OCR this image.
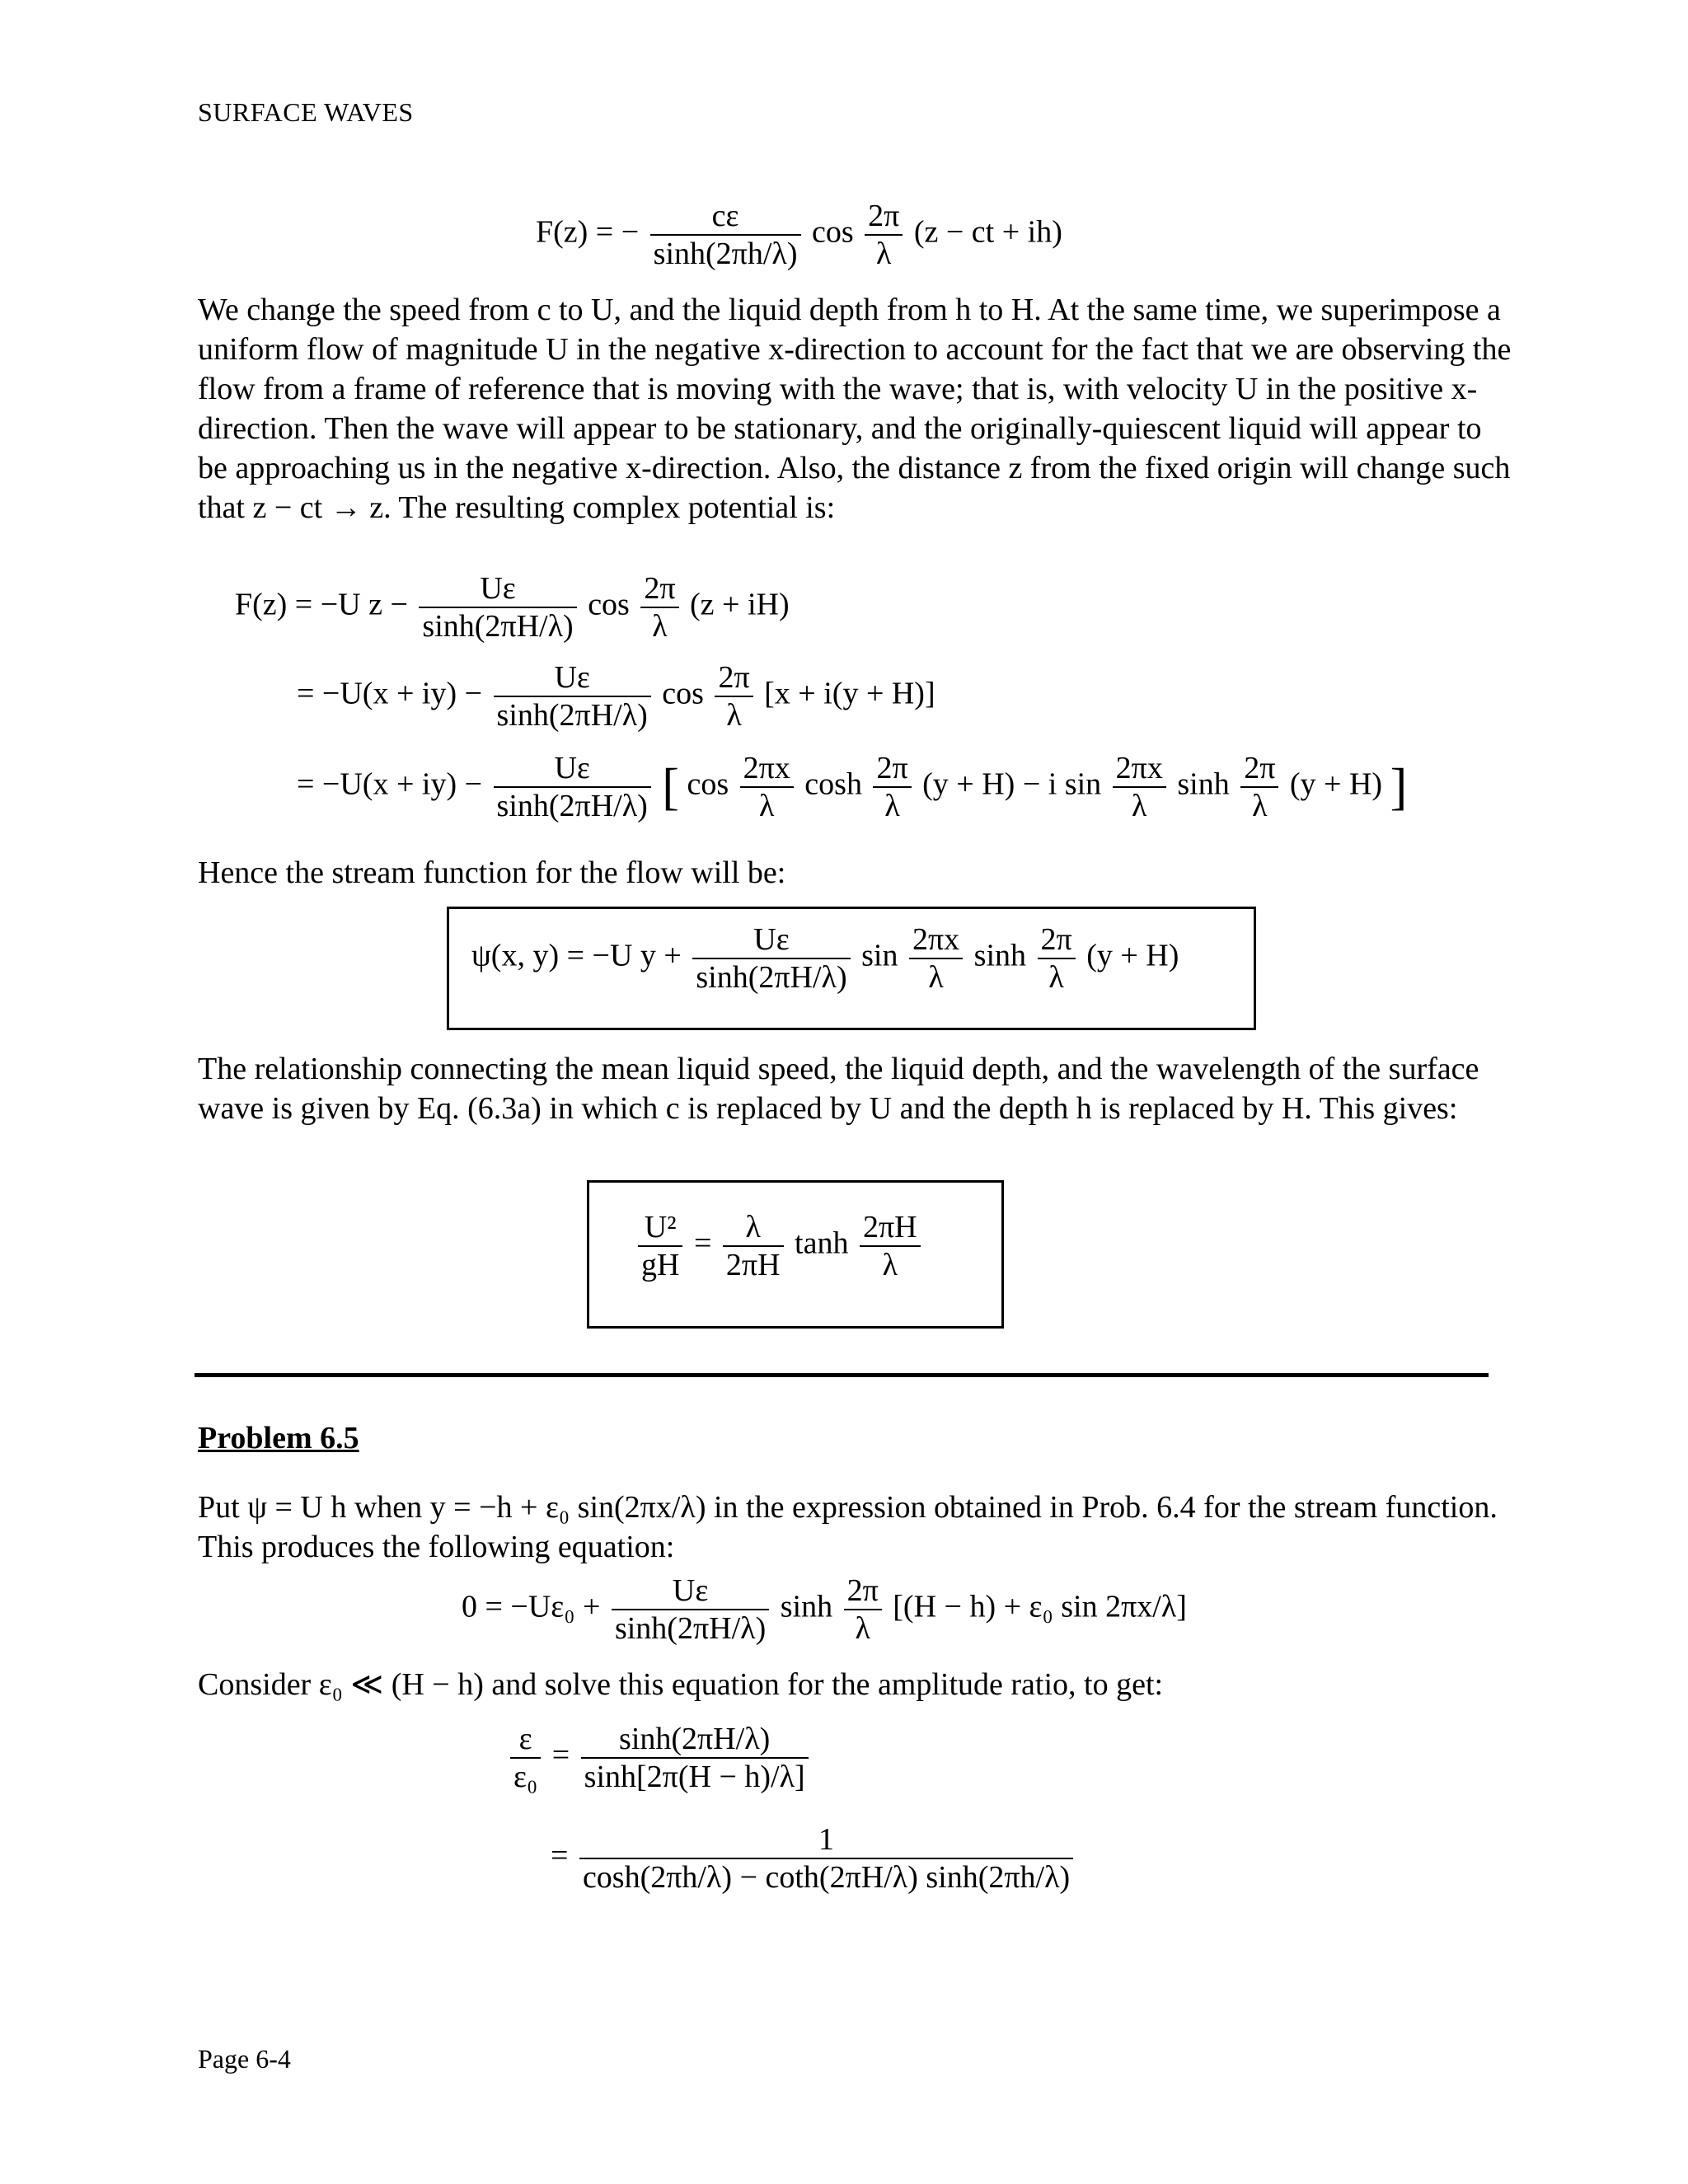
SURFACE WAVES
F(z) = − $\frac{c\varepsilon}{\sinh(2\pi h/\lambda)}$ $\cos \frac{2\pi}{\lambda} (z$ − ct + ih)

We change the speed from c to U, and the liquid depth from h to H. At the same time, we superimpose a uniform flow of magnitude U in the negative x-direction to account for the fact that we are observing the flow from a frame of reference that is moving with the wave; that is, with velocity U in the positive x-direction. Then the wave will appear to be stationary, and the originally-quiescent liquid will appear to be approaching us in the negative x-direction. Also, the distance z from the fixed origin will change such that z − ct → z. The resulting complex potential is:

F(z) = −U $z - \frac{U\varepsilon}{\sinh(2\pi H/\lambda)}$ $\cos \frac{2\pi}{\lambda} (z + iH)$
= $-U(x + iy) - \frac{U\varepsilon}{\sinh(2\pi H/\lambda)}$ $\cos \frac{2\pi}{\lambda} [x + i(y + H)]$
= $-U(x + iy) - \frac{U\varepsilon}{\sinh(2\pi H/\lambda)}$ [ $\cos \frac{2\pi x}{\lambda}$ $\cosh \frac{2\pi}{\lambda} (y + H) - i$ $\sin \frac{2\pi x}{\lambda}$ $\sinh \frac{2\pi}{\lambda} (y + H)$ ]

Hence the stream function for the flow will be:

ψ(x, y) = −U $y + \frac{U\varepsilon}{\sinh(2\pi H/\lambda)}$ $\sin \frac{2\pi x}{\lambda}$ $\sinh \frac{2\pi}{\lambda} (y + H)$

The relationship connecting the mean liquid speed, the liquid depth, and the wavelength of the surface wave is given by Eq. (6.3a) in which c is replaced by U and the depth h is replaced by H. This gives:

$\frac{\text{U²}}{gH} = \frac{\lambda}{2\pi H}$ $\tanh \frac{2\pi H}{\lambda}$
Problem 6.5

Put ψ = U h when y = −h + ε₀ sin(2πx/λ) in the expression obtained in Prob. 6.4 for the stream function. This produces the following equation:

$0 = -U\varepsilon_0 + \frac{U\varepsilon}{\sinh(2\pi H/\lambda)}$ $\sinh \frac{2\pi}{\lambda} [(H - h) + \varepsilon_0$ sin 2πx/λ]

Consider ε₀ ≪ (H − h) and solve this equation for the amplitude ratio, to get:

$\frac{\varepsilon}{\text{ε₀}} = \frac{\sinh(2\pi H/\lambda)}{\sinh[2\pi(H - h)/\lambda]}$
= $\frac{1}{\cosh(2\pi h/\lambda) - \cot h(2\pi H/\lambda) \sinh(2\pi h/\lambda)}$
Page 6-4
